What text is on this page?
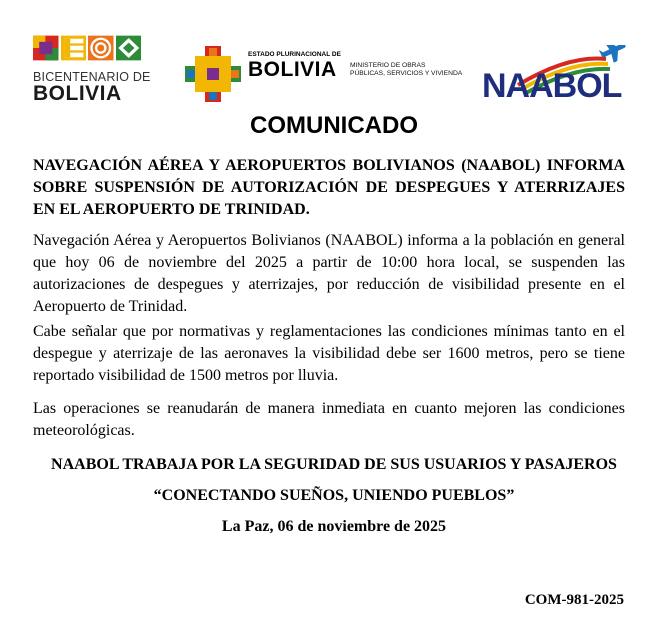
BICENTENARIO DE
BOLIVIA
ESTADO PLURINACIONAL DE
BOLIVIA MINISTERIO DE OBRAS
PÚBLICAS, SERVICIOS Y VIVIENDA NAABOL
COMUNICADO

NAVEGACIÓN AÉREA Y AEROPUERTOS BOLIVIANOS (NAABOL) INFORMA SOBRE SUSPENSIÓN DE AUTORIZACIÓN DE DESPEGUES Y ATERRIZAJES EN EL AEROPUERTO DE TRINIDAD.

Navegación Aérea y Aeropuertos Bolivianos (NAABOL) informa a la población en general que hoy 06 de noviembre del 2025 a partir de 10:00 hora local, se suspenden las autorizaciones de despegues y aterrizajes, por reducción de visibilidad presente en el Aeropuerto de Trinidad.

Cabe señalar que por normativas y reglamentaciones las condiciones mínimas tanto en el despegue y aterrizaje de las aeronaves la visibilidad debe ser 1600 metros, pero se tiene reportado visibilidad de 1500 metros por lluvia.

Las operaciones se reanudarán de manera inmediata en cuanto mejoren las condiciones meteorológicas.

NAABOL TRABAJA POR LA SEGURIDAD DE SUS USUARIOS Y PASAJEROS

“CONECTANDO SUEÑOS, UNIENDO PUEBLOS”

La Paz, 06 de noviembre de 2025

COM-981-2025
